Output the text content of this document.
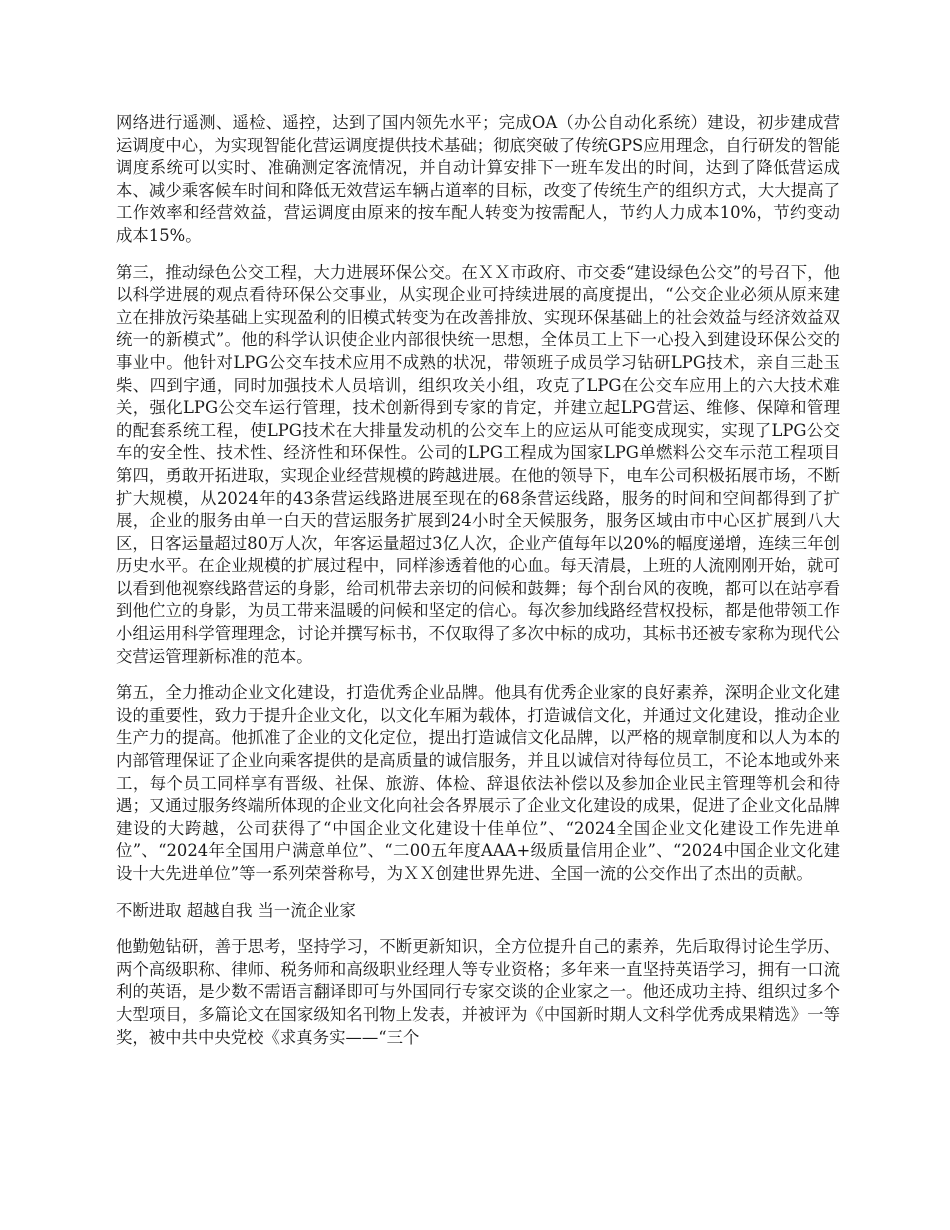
网络进行遥测、遥检、遥控，达到了国内领先水平；完成OA（办公自动化系统）建设，初步建成营运调度中心，为实现智能化营运调度提供技术基础；彻底突破了传统GPS应用理念，自行研发的智能调度系统可以实时、准确测定客流情况，并自动计算安排下一班车发出的时间，达到了降低营运成本、减少乘客候车时间和降低无效营运车辆占道率的目标，改变了传统生产的组织方式，大大提高了工作效率和经营效益，营运调度由原来的按车配人转变为按需配人，节约人力成本10%，节约变动成本15%。

第三，推动绿色公交工程，大力进展环保公交。在ＸＸ市政府、市交委“建设绿色公交”的号召下，他以科学进展的观点看待环保公交事业，从实现企业可持续进展的高度提出，“公交企业必须从原来建立在排放污染基础上实现盈利的旧模式转变为在改善排放、实现环保基础上的社会效益与经济效益双统一的新模式”。他的科学认识使企业内部很快统一思想，全体员工上下一心投入到建设环保公交的事业中。他针对LPG公交车技术应用不成熟的状况，带领班子成员学习钻研LPG技术，亲自三赴玉柴、四到宇通，同时加强技术人员培训，组织攻关小组，攻克了LPG在公交车应用上的六大技术难关，强化LPG公交车运行管理，技术创新得到专家的肯定，并建立起LPG营运、维修、保障和管理的配套系统工程，使LPG技术在大排量发动机的公交车上的应运从可能变成现实，实现了LPG公交车的安全性、技术性、经济性和环保性。公司的LPG工程成为国家LPG单燃料公交车示范工程项目 第四，勇敢开拓进取，实现企业经营规模的跨越进展。在他的领导下，电车公司积极拓展市场，不断扩大规模，从2024年的43条营运线路进展至现在的68条营运线路，服务的时间和空间都得到了扩展，企业的服务由单一白天的营运服务扩展到24小时全天候服务，服务区域由市中心区扩展到八大区，日客运量超过80万人次，年客运量超过3亿人次，企业产值每年以20%的幅度递增，连续三年创历史水平。在企业规模的扩展过程中，同样渗透着他的心血。每天清晨，上班的人流刚刚开始，就可以看到他视察线路营运的身影，给司机带去亲切的问候和鼓舞；每个刮台风的夜晚，都可以在站亭看到他伫立的身影，为员工带来温暖的问候和坚定的信心。每次参加线路经营权投标，都是他带领工作小组运用科学管理理念，讨论并撰写标书，不仅取得了多次中标的成功，其标书还被专家称为现代公交营运管理新标准的范本。

第五，全力推动企业文化建设，打造优秀企业品牌。他具有优秀企业家的良好素养，深明企业文化建设的重要性，致力于提升企业文化，以文化车厢为载体，打造诚信文化，并通过文化建设，推动企业生产力的提高。他抓准了企业的文化定位，提出打造诚信文化品牌，以严格的规章制度和以人为本的内部管理保证了企业向乘客提供的是高质量的诚信服务，并且以诚信对待每位员工，不论本地或外来工，每个员工同样享有晋级、社保、旅游、体检、辞退依法补偿以及参加企业民主管理等机会和待遇；又通过服务终端所体现的企业文化向社会各界展示了企业文化建设的成果，促进了企业文化品牌建设的大跨越，公司获得了“中国企业文化建设十佳单位”、“2024全国企业文化建设工作先进单位”、“2024年全国用户满意单位”、“二00五年度AAA+级质量信用企业”、“2024中国企业文化建设十大先进单位”等一系列荣誉称号，为ＸＸ创建世界先进、全国一流的公交作出了杰出的贡献。

不断进取 超越自我 当一流企业家

他勤勉钻研，善于思考，坚持学习，不断更新知识，全方位提升自己的素养，先后取得讨论生学历、两个高级职称、律师、税务师和高级职业经理人等专业资格；多年来一直坚持英语学习，拥有一口流利的英语，是少数不需语言翻译即可与外国同行专家交谈的企业家之一。他还成功主持、组织过多个大型项目，多篇论文在国家级知名刊物上发表，并被评为《中国新时期人文科学优秀成果精选》一等奖，被中共中央党校《求真务实——“三个
